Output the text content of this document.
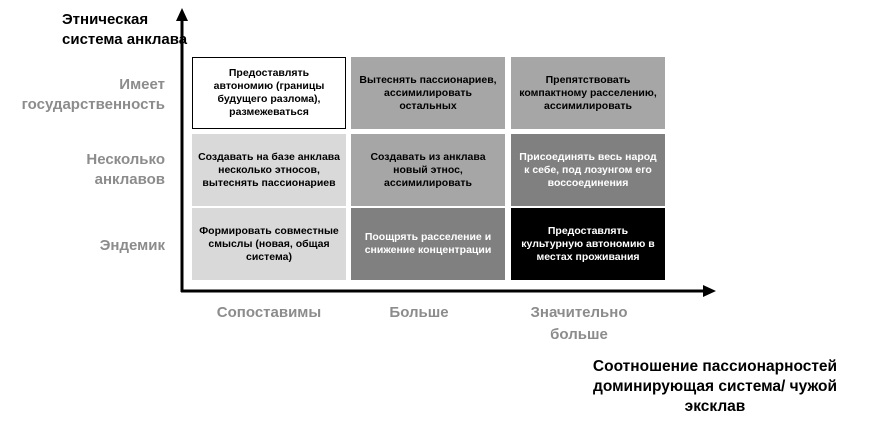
Этническая
система анклава
Имеет
государственность
Несколько
анклавов
Эндемик
Предоставлять автономию (границы будущего разлома), размежеваться
Вытеснять пассионариев, ассимилировать остальных
Препятствовать компактному расселению, ассимилировать
Создавать на базе анклава несколько этносов, вытеснять пассионариев
Создавать из анклава новый этнос, ассимилировать
Присоединять весь народ к себе, под лозунгом его воссоединения
Формировать совместные смыслы (новая, общая система)
Поощрять расселение и снижение концентрации
Предоставлять культурную автономию в местах проживания
Сопоставимы	Больше	Значительно
больше
Соотношение пассионарностей
доминирующая система/ чужой
эксклав
